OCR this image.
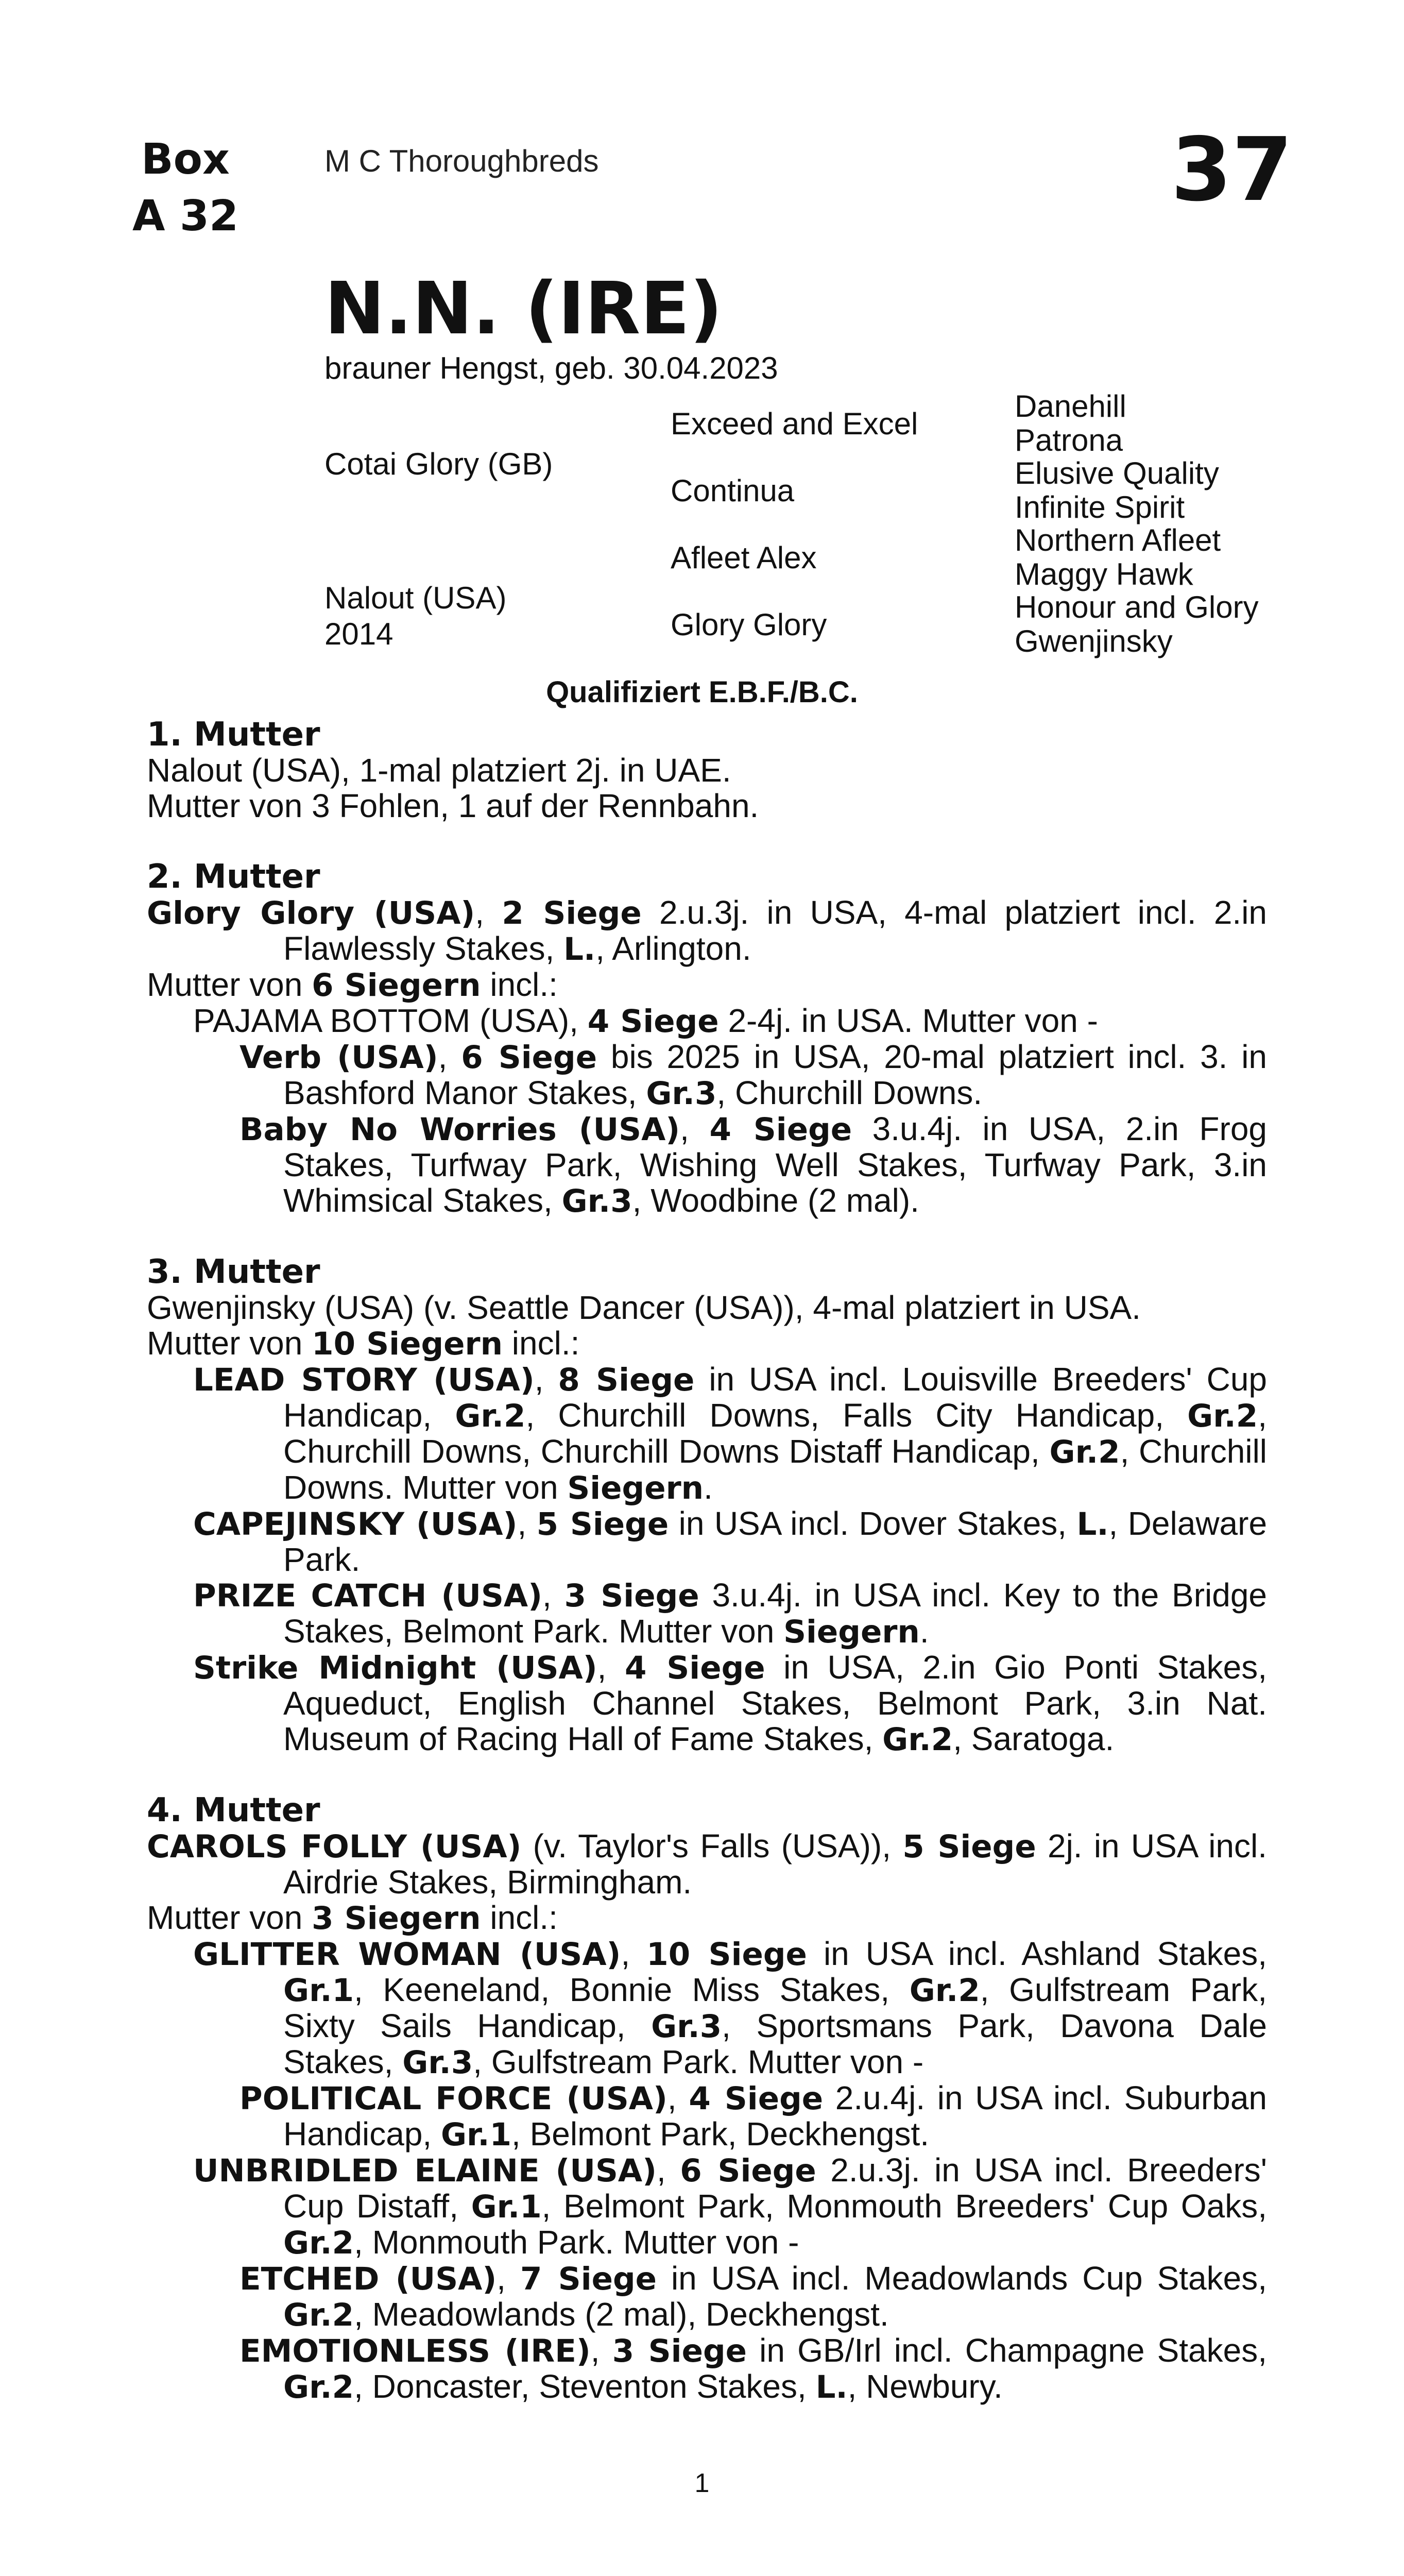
Box
A 32
M C Thoroughbreds	37
N.N. (IRE)
brauner Hengst, geb. 30.04.2023
Cotai Glory (GB)
Nalout (USA)
2014
Exceed and Excel
Continua
Afleet Alex
Glory Glory
Danehill
Patrona
Elusive Quality
Infinite Spirit
Northern Afleet
Maggy Hawk
Honour and Glory
Gwenjinsky
Qualifiziert E.B.F./B.C.
1. Mutter
Nalout (USA), 1-mal platziert 2j. in UAE.
Mutter von 3 Fohlen, 1 auf der Rennbahn.
2. Mutter
Glory Glory (USA), 2 Siege 2.u.3j. in USA, 4-mal platziert incl. 2.in Flawlessly Stakes, L., Arlington.
Mutter von 6 Siegern incl.:
PAJAMA BOTTOM (USA), 4 Siege 2-4j. in USA. Mutter von -
Verb (USA), 6 Siege bis 2025 in USA, 20-mal platziert incl. 3. in Bashford Manor Stakes, Gr.3, Churchill Downs.
Baby No Worries (USA), 4 Siege 3.u.4j. in USA, 2.in Frog Stakes, Turfway Park, Wishing Well Stakes, Turfway Park, 3.in Whimsical Stakes, Gr.3, Woodbine (2 mal).
3. Mutter
Gwenjinsky (USA) (v. Seattle Dancer (USA)), 4-mal platziert in USA.
Mutter von 10 Siegern incl.:
LEAD STORY (USA), 8 Siege in USA incl. Louisville Breeders' Cup Handicap, Gr.2, Churchill Downs, Falls City Handicap, Gr.2, Churchill Downs, Churchill Downs Distaff Handicap, Gr.2, Churchill Downs. Mutter von Siegern.
CAPEJINSKY (USA), 5 Siege in USA incl. Dover Stakes, L., Delaware Park.
PRIZE CATCH (USA), 3 Siege 3.u.4j. in USA incl. Key to the Bridge Stakes, Belmont Park. Mutter von Siegern.
Strike Midnight (USA), 4 Siege in USA, 2.in Gio Ponti Stakes, Aqueduct, English Channel Stakes, Belmont Park, 3.in Nat. Museum of Racing Hall of Fame Stakes, Gr.2, Saratoga.
4. Mutter
CAROLS FOLLY (USA) (v. Taylor's Falls (USA)), 5 Siege 2j. in USA incl. Airdrie Stakes, Birmingham.
Mutter von 3 Siegern incl.:
GLITTER WOMAN (USA), 10 Siege in USA incl. Ashland Stakes, Gr.1, Keeneland, Bonnie Miss Stakes, Gr.2, Gulfstream Park, Sixty Sails Handicap, Gr.3, Sportsmans Park, Davona Dale Stakes, Gr.3, Gulfstream Park. Mutter von -
POLITICAL FORCE (USA), 4 Siege 2.u.4j. in USA incl. Suburban Handicap, Gr.1, Belmont Park, Deckhengst.
UNBRIDLED ELAINE (USA), 6 Siege 2.u.3j. in USA incl. Breeders' Cup Distaff, Gr.1, Belmont Park, Monmouth Breeders' Cup Oaks, Gr.2, Monmouth Park. Mutter von -
ETCHED (USA), 7 Siege in USA incl. Meadowlands Cup Stakes, Gr.2, Meadowlands (2 mal), Deckhengst.
EMOTIONLESS (IRE), 3 Siege in GB/Irl incl. Champagne Stakes, Gr.2, Doncaster, Steventon Stakes, L., Newbury.
1
